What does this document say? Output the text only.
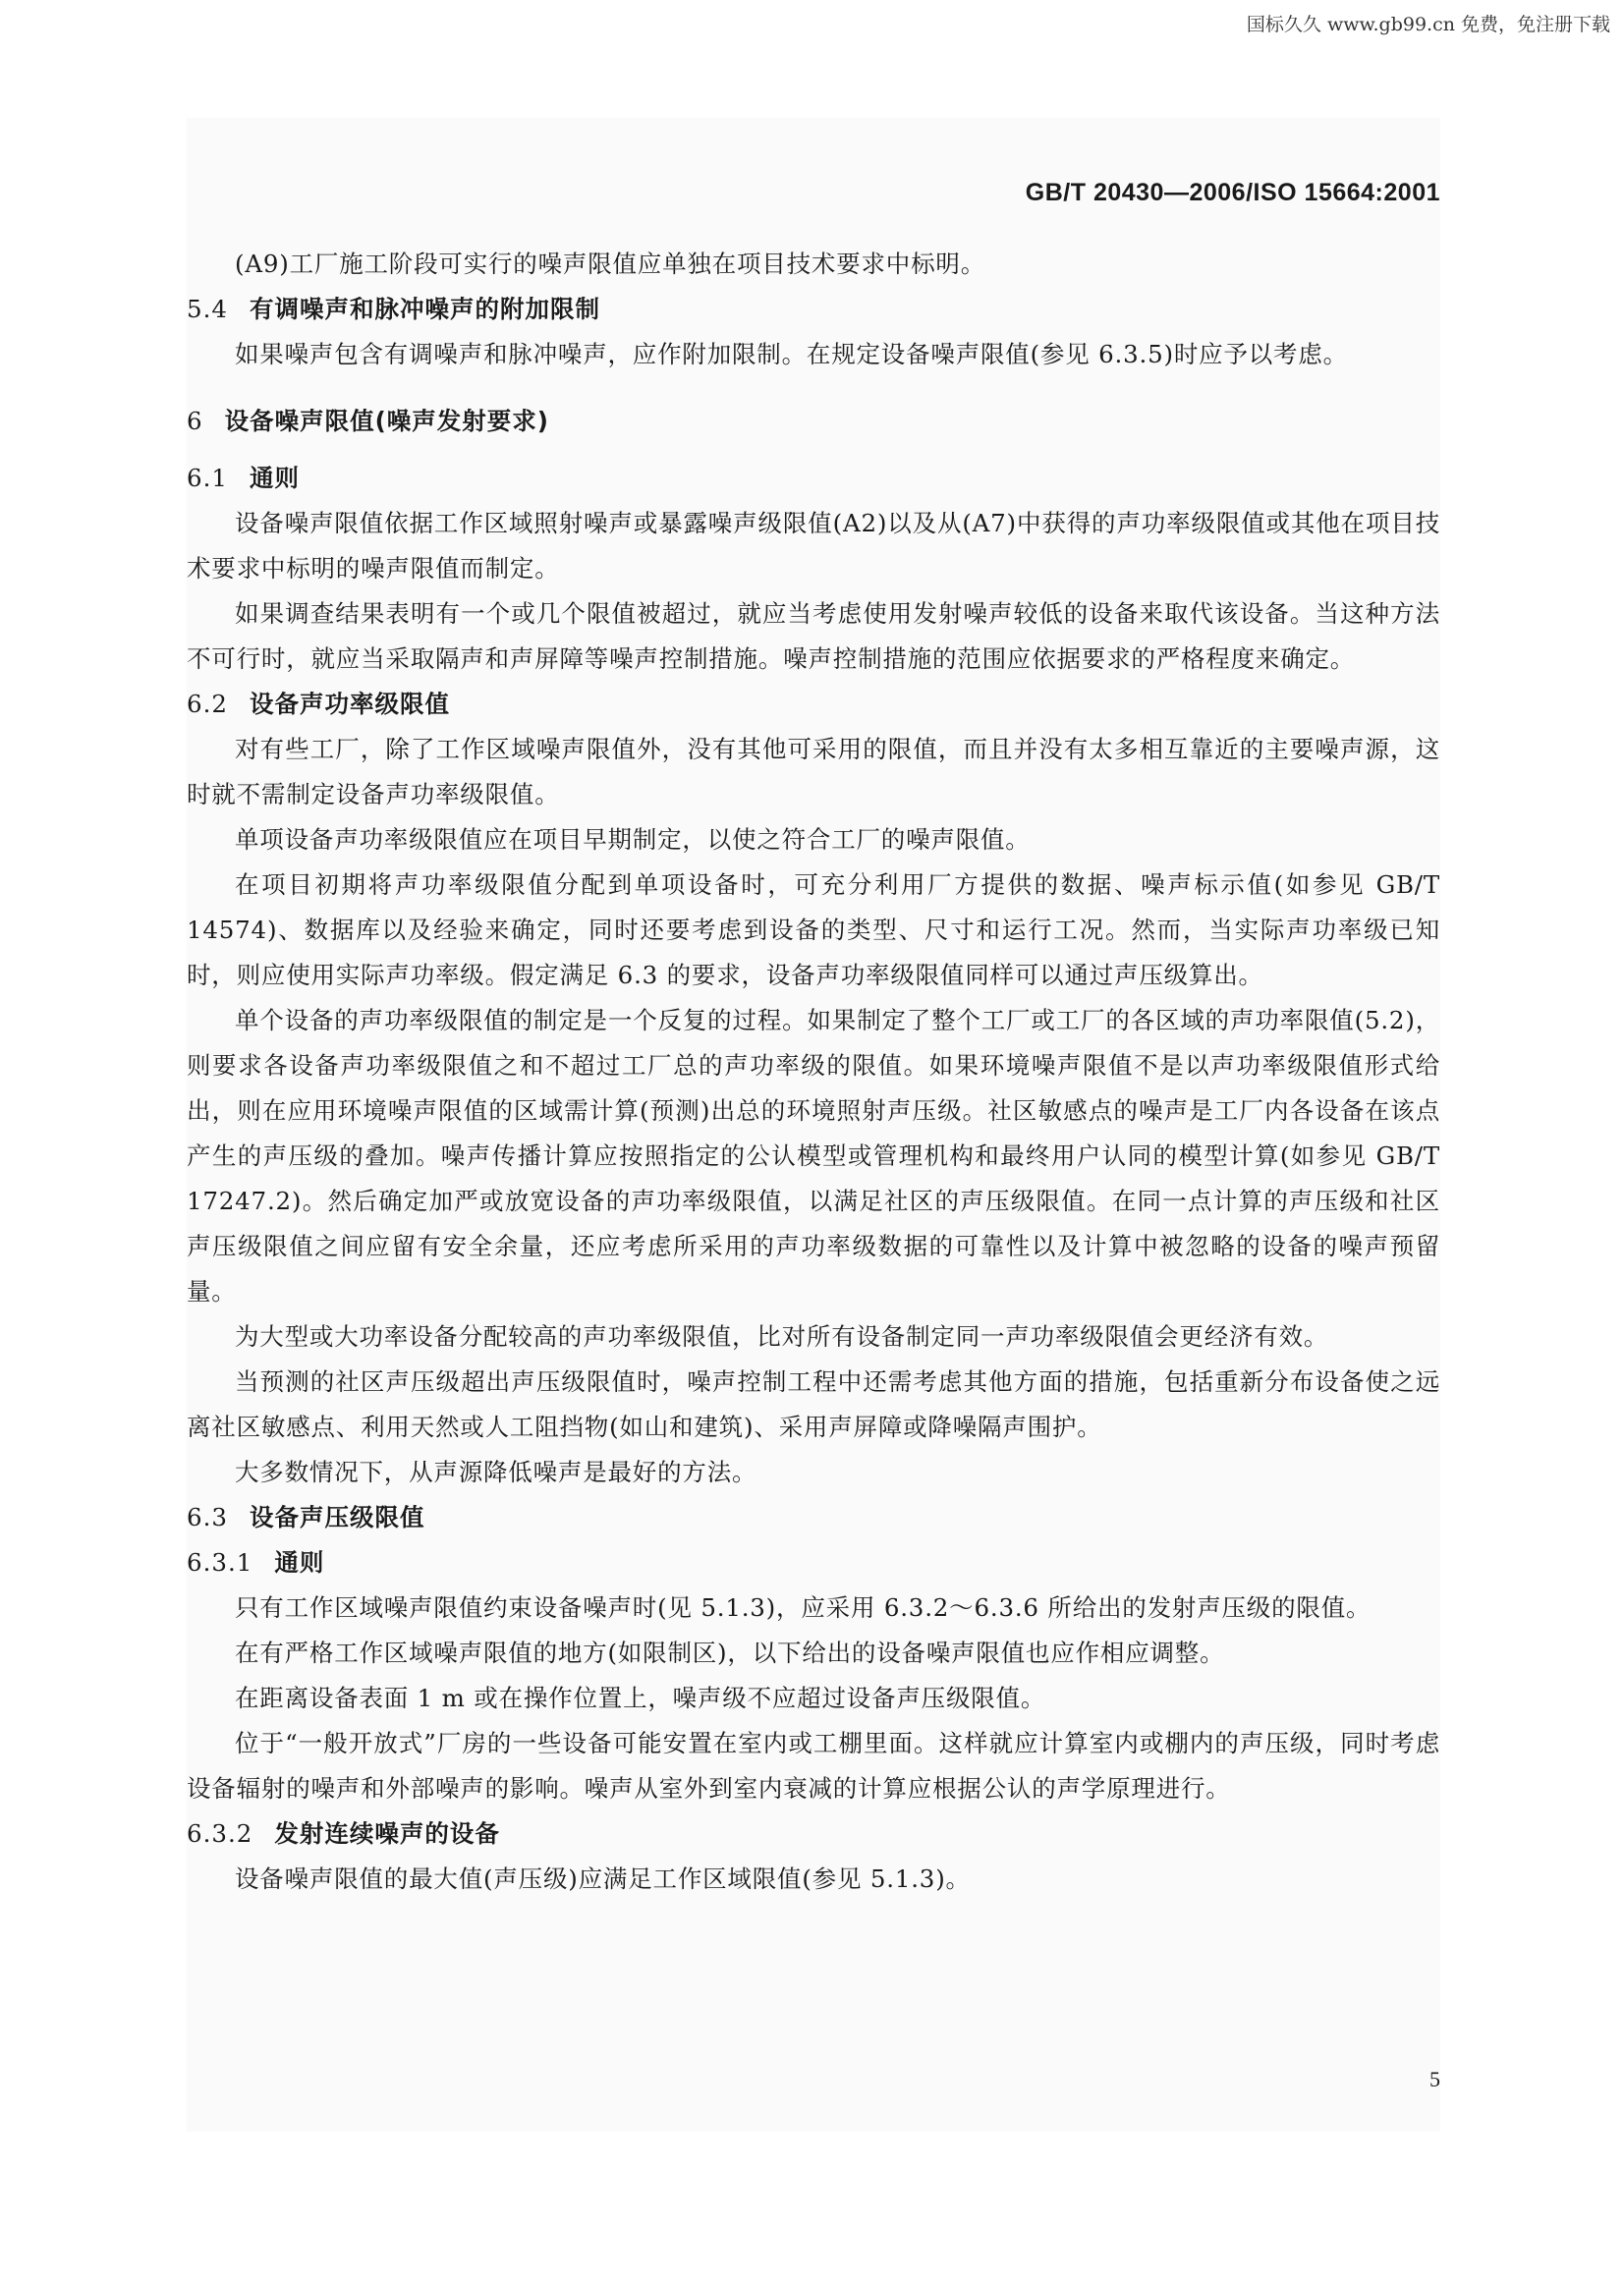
国标久久 www.gb99.cn 免费，免注册下载
GB/T 20430—2006/ISO 15664:2001

(A9)工厂施工阶段可实行的噪声限值应单独在项目技术要求中标明。

5.4 有调噪声和脉冲噪声的附加限制

如果噪声包含有调噪声和脉冲噪声，应作附加限制。在规定设备噪声限值(参见 6.3.5)时应予以考虑。

6 设备噪声限值(噪声发射要求)
6.1 通则

设备噪声限值依据工作区域照射噪声或暴露噪声级限值(A2)以及从(A7)中获得的声功率级限值或其他在项目技术要求中标明的噪声限值而制定。

如果调查结果表明有一个或几个限值被超过，就应当考虑使用发射噪声较低的设备来取代该设备。当这种方法不可行时，就应当采取隔声和声屏障等噪声控制措施。噪声控制措施的范围应依据要求的严格程度来确定。

6.2 设备声功率级限值

对有些工厂，除了工作区域噪声限值外，没有其他可采用的限值，而且并没有太多相互靠近的主要噪声源，这时就不需制定设备声功率级限值。

单项设备声功率级限值应在项目早期制定，以使之符合工厂的噪声限值。

在项目初期将声功率级限值分配到单项设备时，可充分利用厂方提供的数据、噪声标示值(如参见 GB/T 14574)、数据库以及经验来确定，同时还要考虑到设备的类型、尺寸和运行工况。然而，当实际声功率级已知时，则应使用实际声功率级。假定满足 6.3 的要求，设备声功率级限值同样可以通过声压级算出。

单个设备的声功率级限值的制定是一个反复的过程。如果制定了整个工厂或工厂的各区域的声功率限值(5.2)，则要求各设备声功率级限值之和不超过工厂总的声功率级的限值。如果环境噪声限值不是以声功率级限值形式给出，则在应用环境噪声限值的区域需计算(预测)出总的环境照射声压级。社区敏感点的噪声是工厂内各设备在该点产生的声压级的叠加。噪声传播计算应按照指定的公认模型或管理机构和最终用户认同的模型计算(如参见 GB/T 17247.2)。然后确定加严或放宽设备的声功率级限值，以满足社区的声压级限值。在同一点计算的声压级和社区声压级限值之间应留有安全余量，还应考虑所采用的声功率级数据的可靠性以及计算中被忽略的设备的噪声预留量。

为大型或大功率设备分配较高的声功率级限值，比对所有设备制定同一声功率级限值会更经济有效。

当预测的社区声压级超出声压级限值时，噪声控制工程中还需考虑其他方面的措施，包括重新分布设备使之远离社区敏感点、利用天然或人工阻挡物(如山和建筑)、采用声屏障或降噪隔声围护。

大多数情况下，从声源降低噪声是最好的方法。

6.3 设备声压级限值
6.3.1 通则

只有工作区域噪声限值约束设备噪声时(见 5.1.3)，应采用 6.3.2～6.3.6 所给出的发射声压级的限值。

在有严格工作区域噪声限值的地方(如限制区)，以下给出的设备噪声限值也应作相应调整。

在距离设备表面 1 m 或在操作位置上，噪声级不应超过设备声压级限值。

位于“一般开放式”厂房的一些设备可能安置在室内或工棚里面。这样就应计算室内或棚内的声压级，同时考虑设备辐射的噪声和外部噪声的影响。噪声从室外到室内衰减的计算应根据公认的声学原理进行。

6.3.2 发射连续噪声的设备

设备噪声限值的最大值(声压级)应满足工作区域限值(参见 5.1.3)。

5
